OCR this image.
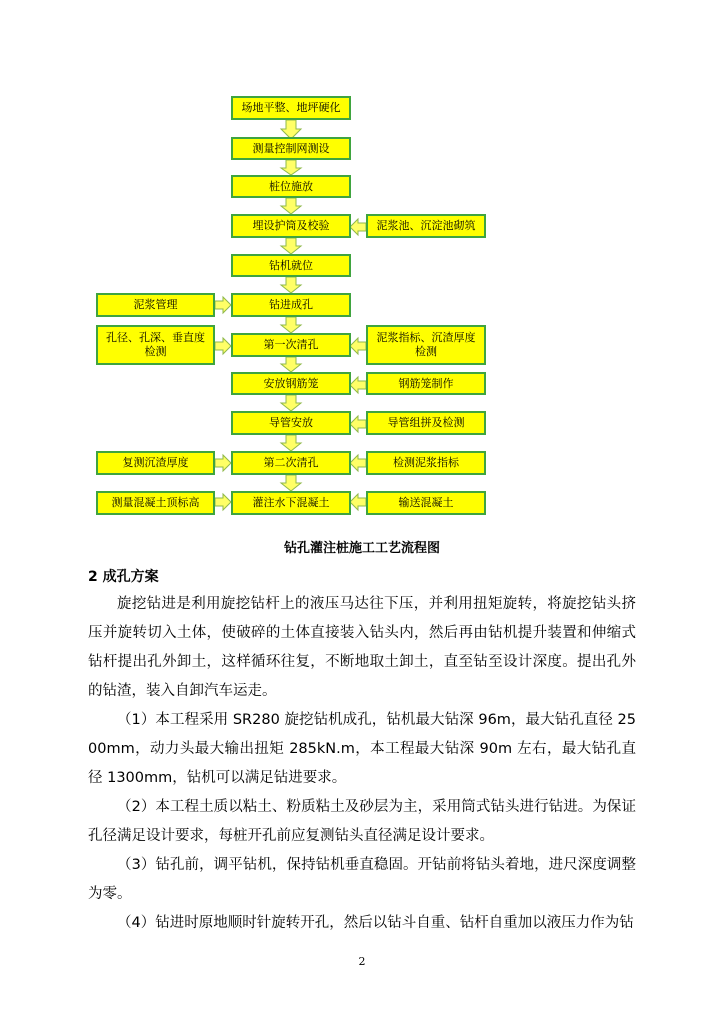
场地平整、地坪硬化
测量控制网测设
桩位施放
埋设护筒及校验
钻机就位
钻进成孔
第一次清孔
安放钢筋笼
导管安放
第二次清孔
灌注水下混凝土
泥浆管理
孔径、孔深、垂直度检测
复测沉渣厚度
测量混凝土顶标高
泥浆池、沉淀池砌筑
泥浆指标、沉渣厚度检测
钢筋笼制作
导管组拼及检测
检测泥浆指标
输送混凝土
钻孔灌注桩施工工艺流程图
2 成孔方案

旋挖钻进是利用旋挖钻杆上的液压马达往下压，并利用扭矩旋转，将旋挖钻头挤压并旋转切入土体，使破碎的土体直接装入钻头内，然后再由钻机提升装置和伸缩式钻杆提出孔外卸土，这样循环往复，不断地取土卸土，直至钻至设计深度。提出孔外的钻渣，装入自卸汽车运走。

（1）本工程采用 SR280 旋挖钻机成孔，钻机最大钻深 96m，最大钻孔直径 2500mm，动力头最大输出扭矩 285kN.m，本工程最大钻深 90m 左右，最大钻孔直径 1300mm，钻机可以满足钻进要求。

（2）本工程土质以粘土、粉质粘土及砂层为主，采用筒式钻头进行钻进。为保证孔径满足设计要求，每桩开孔前应复测钻头直径满足设计要求。

（3）钻孔前，调平钻机，保持钻机垂直稳固。开钻前将钻头着地，进尺深度调整为零。

（4）钻进时原地顺时针旋转开孔，然后以钻斗自重、钻杆自重加以液压力作为钻

2
